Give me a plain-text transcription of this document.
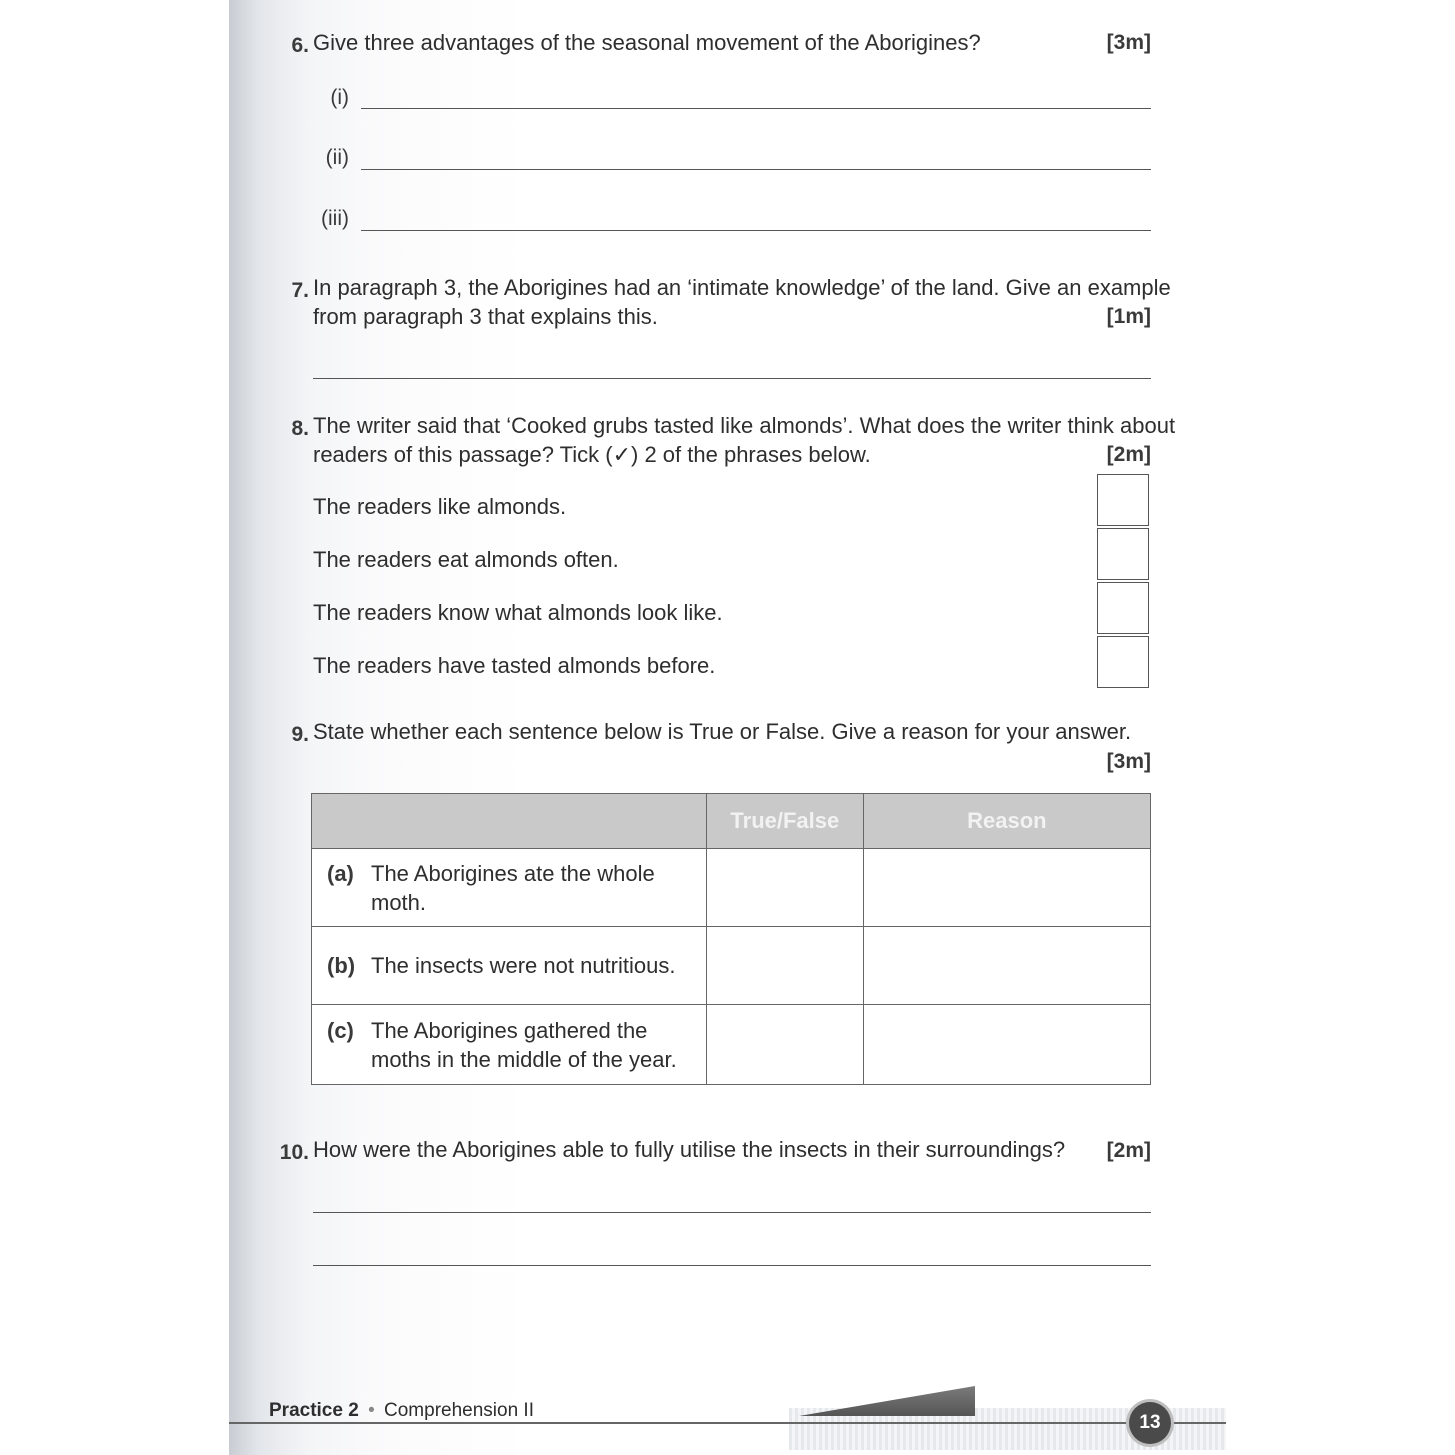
6. Give three advantages of the seasonal movement of the Aborigines?	[3m]
(i)
(ii)
(iii)
7. In paragraph 3, the Aborigines had an ‘intimate knowledge’ of the land. Give an example
from paragraph 3 that explains this.	[1m]
8. The writer said that ‘Cooked grubs tasted like almonds’. What does the writer think about
readers of this passage? Tick (✓) 2 of the phrases below.	[2m]
The readers like almonds.
The readers eat almonds often.
The readers know what almonds look like.
The readers have tasted almonds before.
9. State whether each sentence below is True or False. Give a reason for your answer.
[3m]
	True/False	Reason

(a) The Aborigines ate the whole moth.		

(b) The insects were not nutritious.		

(c) The Aborigines gathered the moths in the middle of the year.		

10. How were the Aborigines able to fully utilise the insects in their surroundings?	[2m]
Practice 2 • Comprehension II
13
